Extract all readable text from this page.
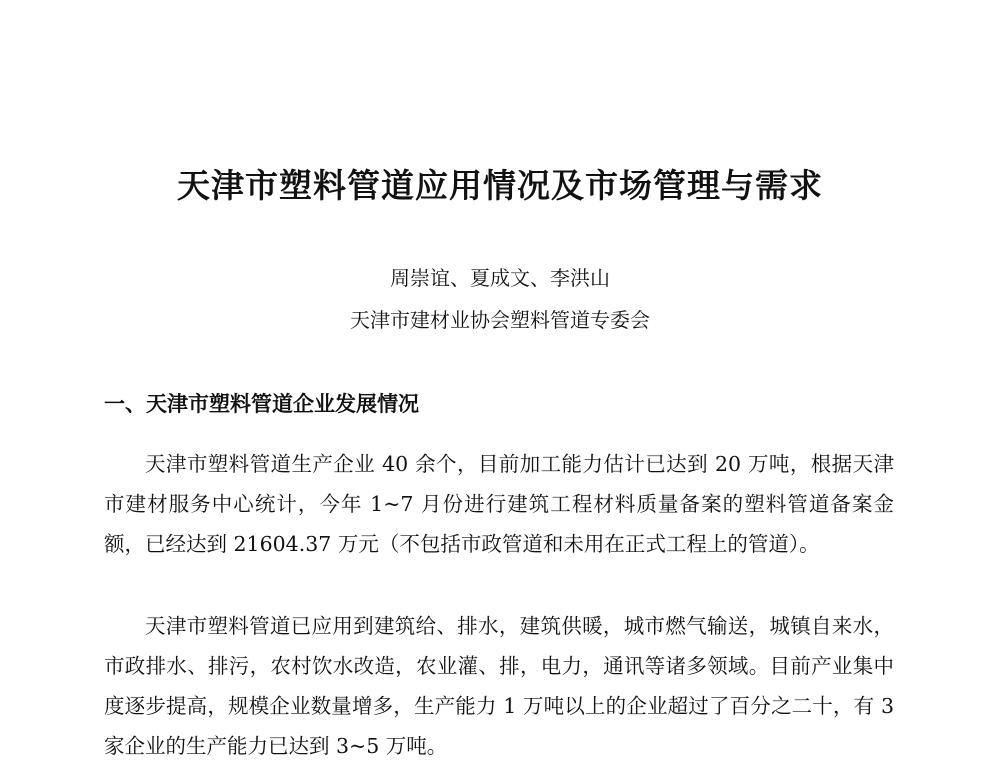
天津市塑料管道应用情况及市场管理与需求
周崇谊、夏成文、李洪山
天津市建材业协会塑料管道专委会
一、天津市塑料管道企业发展情况

天津市塑料管道生产企业 40 余个，目前加工能力估计已达到 20 万吨，根据天津市建材服务中心统计，今年 1~7 月份进行建筑工程材料质量备案的塑料管道备案金额，已经达到 21604.37 万元（不包括市政管道和未用在正式工程上的管道）。

天津市塑料管道已应用到建筑给、排水，建筑供暖，城市燃气输送，城镇自来水，市政排水、排污，农村饮水改造，农业灌、排，电力，通讯等诸多领域。目前产业集中度逐步提高，规模企业数量增多，生产能力 1 万吨以上的企业超过了百分之二十，有 3 家企业的生产能力已达到 3~5 万吨。
